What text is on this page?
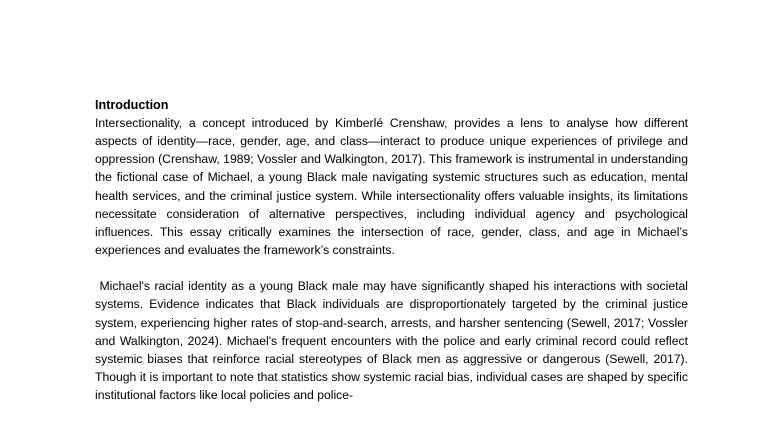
Introduction

Intersectionality, a concept introduced by Kimberlé Crenshaw, provides a lens to analyse how different aspects of identity—race, gender, age, and class—interact to produce unique experiences of privilege and oppression (Crenshaw, 1989; Vossler and Walkington, 2017). This framework is instrumental in understanding the fictional case of Michael, a young Black male navigating systemic structures such as education, mental health services, and the criminal justice system. While intersectionality offers valuable insights, its limitations necessitate consideration of alternative perspectives, including individual agency and psychological influences. This essay critically examines the intersection of race, gender, class, and age in Michael’s experiences and evaluates the framework’s constraints.

Michael's racial identity as a young Black male may have significantly shaped his interactions with societal systems. Evidence indicates that Black individuals are disproportionately targeted by the criminal justice system, experiencing higher rates of stop-and-search, arrests, and harsher sentencing (Sewell, 2017; Vossler and Walkington, 2024). Michael's frequent encounters with the police and early criminal record could reflect systemic biases that reinforce racial stereotypes of Black men as aggressive or dangerous (Sewell, 2017). Though it is important to note that statistics show systemic racial bias, individual cases are shaped by specific institutional factors like local policies and police-
